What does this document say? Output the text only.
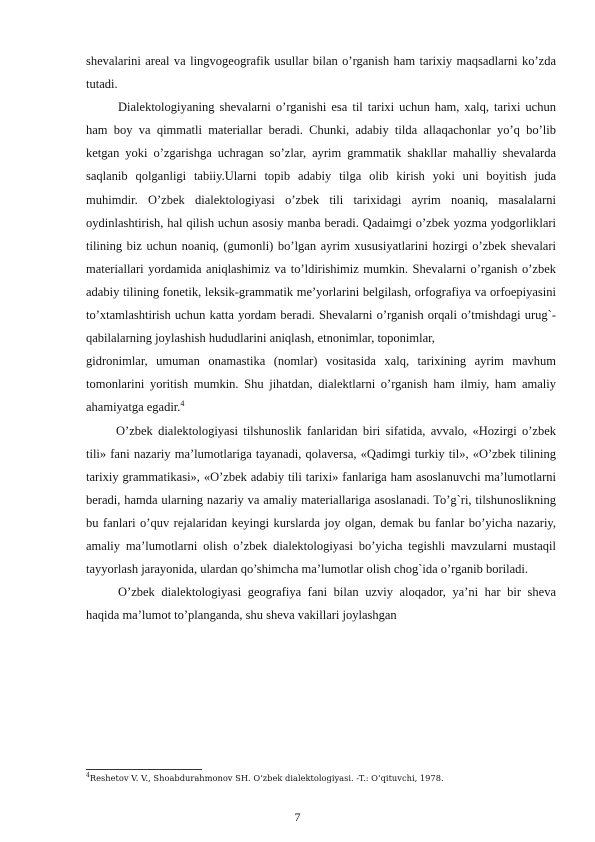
shevalarini areal va lingvogeografik usullar bilan o’rganish ham tarixiy maqsadlarni ko’zda tutadi.

Dialektologiyaning shevalarni o’rganishi esa til tarixi uchun ham, xalq, tarixi uchun ham boy va qimmatli materiallar beradi. Chunki, adabiy tilda allaqachonlar yo’q bo’lib ketgan yoki o’zgarishga uchragan so’zlar, ayrim grammatik shakllar mahalliy shevalarda saqlanib qolganligi tabiiy.Ularni topib adabiy tilga olib kirish yoki uni boyitish juda muhimdir. O’zbek dialektologiyasi o’zbek tili tarixidagi ayrim noaniq, masalalarni oydinlashtirish, hal qilish uchun asosiy manba beradi. Qadaimgi o’zbek yozma yodgorliklari tilining biz uchun noaniq, (gumonli) bo’lgan ayrim xususiyatlarini hozirgi o’zbek shevalari materiallari yordamida aniqlashimiz va to’ldirishimiz mumkin. Shevalarni o’rganish o’zbek adabiy tilining fonetik, leksik-grammatik me’yorlarini belgilash, orfografiya va orfoepiyasini to’xtamlashtirish uchun katta yordam beradi. Shevalarni o’rganish orqali o’tmishdagi urug`- qabilalarning joylashish hududlarini aniqlash, etnonimlar, toponimlar,

gidronimlar, umuman onamastika (nomlar) vositasida xalq, tarixining ayrim mavhum tomonlarini yoritish mumkin. Shu jihatdan, dialektlarni o’rganish ham ilmiy, ham amaliy ahamiyatga egadir.$^4$

O’zbek dialektologiyasi tilshunoslik fanlaridan biri sifatida, avvalo, «Hozirgi o’zbek tili» fani nazariy ma’lumotlariga tayanadi, qolaversa, «Qadimgi turkiy til», «O’zbek tilining tarixiy grammatikasi», «O’zbek adabiy tili tarixi» fanlariga ham asoslanuvchi ma’lumotlarni beradi, hamda ularning nazariy va amaliy materiallariga asoslanadi. To’g`ri, tilshunoslikning bu fanlari o’quv rejalaridan keyingi kurslarda joy olgan, demak bu fanlar bo’yicha nazariy, amaliy ma’lumotlarni olish o’zbek dialektologiyasi bo’yicha tegishli mavzularni mustaqil tayyorlash jarayonida, ulardan qo’shimcha ma’lumotlar olish chog`ida o’rganib boriladi.

O’zbek dialektologiyasi geografiya fani bilan uzviy aloqador, ya’ni har bir sheva haqida ma’lumot to’planganda, shu sheva vakillari joylashgan

$^4$Reshetov V. V., Shoabdurahmonov SH. O‘zbek dialektologiyasi. -T.: O‘qituvchi, 1978.
7
